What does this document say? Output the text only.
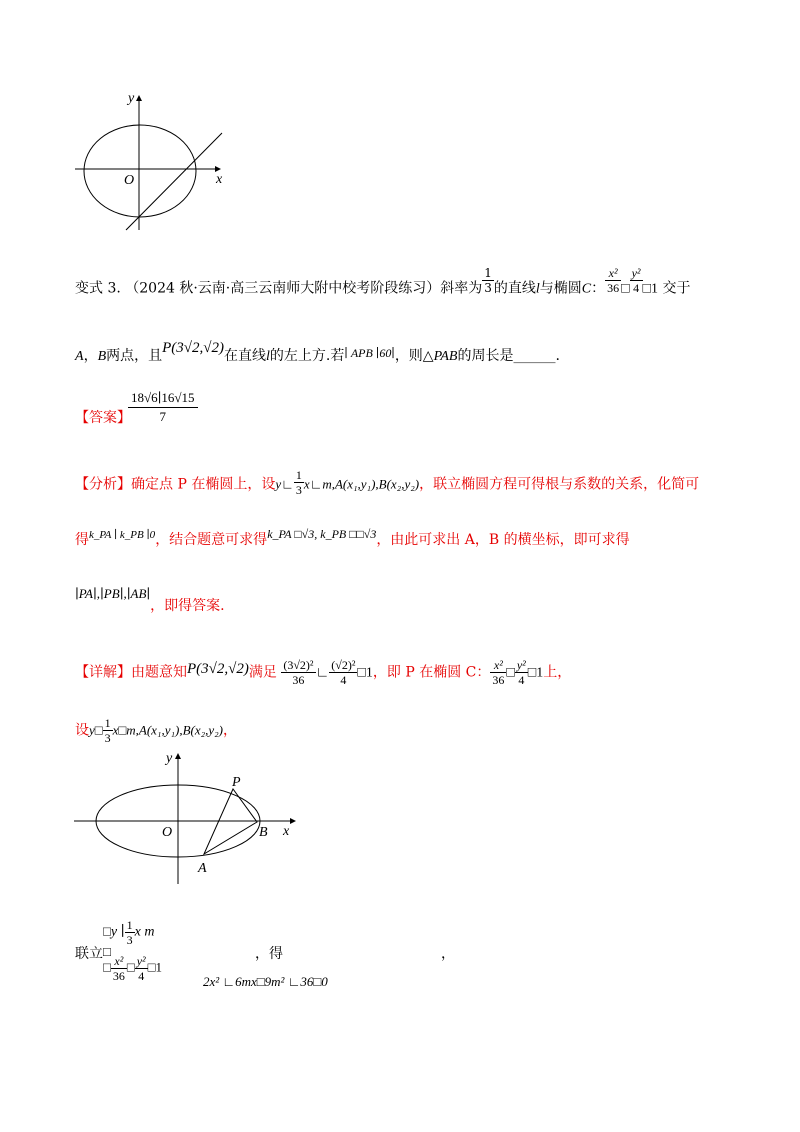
y
x
O
变式 3. （2024 秋·云南·高三云南师大附中校考阶段练习）斜率为 $\frac{1}{3}$ 的直线l与椭圆C： $\frac{\text{x²}}{36}$ □ $\frac{\text{y²}}{4}$ □1 交于
A，B两点，且P(3√2,√2)在直线l的左上方.若∣ APB ∣60∣，则△PAB的周长是______.
【答案】
$\frac{18√6∣16√15}{7}$
【分析】确定点 P 在椭圆上，设y∟ $\frac{1}{3}$ x∟m,A(x₁,y₁),B(x₂,y₂)，联立椭圆方程可得根与系数的关系，化简可
得$^{k\_PA ∣ k\_PB ∣0}$，结合题意可求得k_PA □√3, k_PB □□√3，由此可求出 A，B 的横坐标，即可求得
∣PA∣,∣PB∣,∣AB∣，即得答案.
【详解】由题意知P(3√2,√2)满足 $\frac{\text{(3√2)²}}{36}$ ∟ $\frac{\text{(√2)²}}{4}$ □1，即 P 在椭圆 C： $\frac{\text{x²}}{36}$ □ $\frac{\text{y²}}{4}$ □1上，
设y□ $\frac{1}{3}$ x□m,A(x₁,y₁),B(x₂,y₂)，
y
x
O
P
A
B
联立
□y ∣ $\frac{1}{3}$ x m
□
□ $\frac{\text{x²}}{36}$ □ $\frac{\text{y²}}{4}$ □1
，得	，
2x² ∟6mx□9m² ∟36□0
